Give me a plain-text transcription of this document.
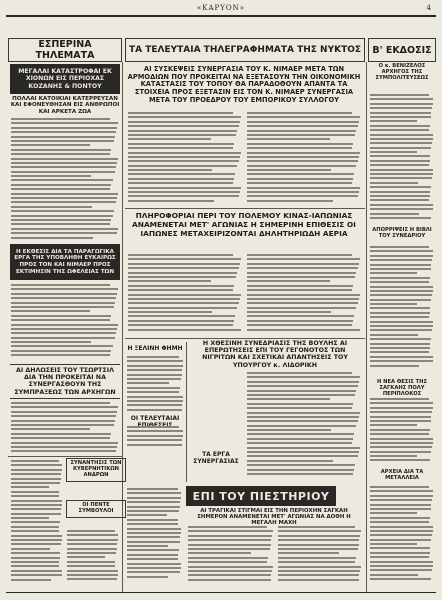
«ΚΑΡΥΟΝ»	4
ΕΣΠΕΡΙΝΑ ΤΗΛΕΜΑΤΑ	ΤΑ ΤΕΛΕΥΤΑΙΑ ΤΗΛΕΓΡΑΦΗΜΑΤΑ ΤΗΣ ΝΥΚΤΟΣ	Β' ΕΚΔΟΣΙΣ
ΜΕΓΑΛΑΙ ΚΑΤΑΣΤΡΟΦΑΙ ΕΚ ΧΙΟΝΩΝ ΕΙΣ ΠΕΡΙΟΧΑΣ ΚΟΖΑΝΗΣ & ΠΟΝΤΟΥ
ΠΟΛΛΑΙ ΚΑΤΟΙΚΙΑΙ ΚΑΤΕΡΡΕΥΣΑΝ ΚΑΙ ΕΦΟΝΕΥΘΗΣΑΝ ΕΙΣ ΑΝΘΡΩΠΟΙ ΚΑΙ ΑΡΚΕΤΑ ΖΩΑ
Η ΕΚΘΕΣΙΣ ΔΙΑ ΤΑ ΠΑΡΑΓΩΓΙΚΑ ΕΡΓΑ ΤΗΣ ΥΠΟΒΛΗΘΗ ΕΥΚΑΙΡΩΣ ΠΡΟΣ ΤΟΝ ΚΑΙ ΝΙΜΑΕΡ ΠΡΟΣ ΕΚΤΙΜΗΣΙΝ ΤΗΣ ΩΦΕΛΕΙΑΣ ΤΩΝ
ΑΙ ΔΗΛΩΣΕΙΣ ΤΟΥ ΤΣΩΡΤΣΙΛ ΔΙΑ ΤΗΝ ΠΡΟΚΕΙΤΑΙ ΝΑ ΣΥΝΕΡΓΑΣΘΟΥΝ ΤΗΣ ΣΥΜΠΡΑΞΕΩΣ ΤΩΝ ΑΡΧΗΓΩΝ
ΑΙ ΣΥΣΚΕΨΕΙΣ ΣΥΝΕΡΓΑΣΙΑ ΤΟΥ Κ. ΝΙΜΑΕΡ ΜΕΤΑ ΤΩΝ ΑΡΜΟΔΙΩΝ ΠΟΥ ΠΡΟΚΕΙΤΑΙ ΝΑ ΕΞΕΤΑΣΟΥΝ ΤΗΝ ΟΙΚΟΝΟΜΙΚΗ ΚΑΤΑΣΤΑΣΙΣ ΤΟΥ ΤΟΠΟΥ ΘΑ ΠΑΡΑΔΟΘΟΥΝ ΑΠΑΝΤΑ ΤΑ ΣΤΟΙΧΕΙΑ ΠΡΟΣ ΕΞΕΤΑΣΙΝ ΕΙΣ ΤΟΝ Κ. ΝΙΜΑΕΡ ΣΥΝΕΡΓΑΣΙΑ ΜΕΤΑ ΤΟΥ ΠΡΟΕΔΡΟΥ ΤΟΥ ΕΜΠΟΡΙΚΟΥ ΣΥΛΛΟΓΟΥ
ΠΛΗΡΟΦΟΡΙΑΙ ΠΕΡΙ ΤΟΥ ΠΟΛΕΜΟΥ ΚΙΝΑΣ-ΙΑΠΩΝΙΑΣ ΑΝΑΜΕΝΕΤΑΙ ΜΕΤ' ΑΓΩΝΙΑΣ Η ΣΗΜΕΡΙΝΗ ΕΠΙΘΕΣΙΣ ΟΙ ΙΑΠΩΝΕΣ ΜΕΤΑΧΕΙΡΙΖΟΝΤΑΙ ΔΗΛΗΤΗΡΙΩΔΗ ΑΕΡΙΑ
Η ΧΘΕΣΙΝΗ ΣΥΝΕΔΡΙΑΣΙΣ ΤΗΣ ΒΟΥΛΗΣ ΑΙ ΕΠΕΡΩΤΗΣΕΙΣ ΕΠΙ ΤΟΥ ΓΕΓΟΝΟΤΟΣ ΤΩΝ ΝΙΓΡΙΤΩΝ ΚΑΙ ΣΧΕΤΙΚΑΙ ΑΠΑΝΤΗΣΕΙΣ ΤΟΥ ΥΠΟΥΡΓΟΥ κ. ΛΙΔΟΡΙΚΗ
Η ΞΕΛΙΝΗ ΦΗΜΗ
ΟΙ ΤΕΛΕΥΤΑΙΑΙ
ΤΑ ΕΡΓΑ ΣΥΝΕΡΓΑΣΙΑΣ
ΣΥΝΑΝΤΗΣΙΣ ΤΩΝ ΚΥΒΕΡΝΗΤΙΚΩΝ ΑΝΔΡΩΝ
ΟΙ ΠΕΝΤΕ ΣΥΜΒΟΥΛΟΙ
ΕΠΙ ΤΟΥ ΠΙΕΣΤΗΡΙΟΥ
ΑΙ ΤΡΑΓΙΚΑΙ ΣΤΙΓΜΑΙ ΕΙΣ ΤΗΝ ΠΕΡΙΟΧΗΝ ΣΑΓΚΑΗ ΣΗΜΕΡΟΝ ΑΝΑΜΕΝΕΤΑΙ ΜΕΤ' ΑΓΩΝΙΑΣ ΝΑ ΔΟΘΗ Η ΜΕΓΑΛΗ ΜΑΧΗ
Ο κ. ΒΕΝΙΖΕΛΟΣ ΑΡΧΗΓΟΣ ΤΗΣ ΣΥΜΠΟΛΙΤΕΥΣΕΩΣ
ΑΠΟΡΡΙΨΕΙΣ Η ΒΙΒΛΙ ΤΟΥ ΣΥΝΕΔΡΙΟΥ
Η ΝΕΑ ΘΕΣΙΣ ΤΗΣ ΣΑΓΚΑΗΣ ΠΟΛΥ ΠΕΡΙΠΛΟΚΟΣ
ΑΡΧΕΙΑ ΔΙΑ ΤΑ ΜΕΤΑΛΛΕΙΑ
